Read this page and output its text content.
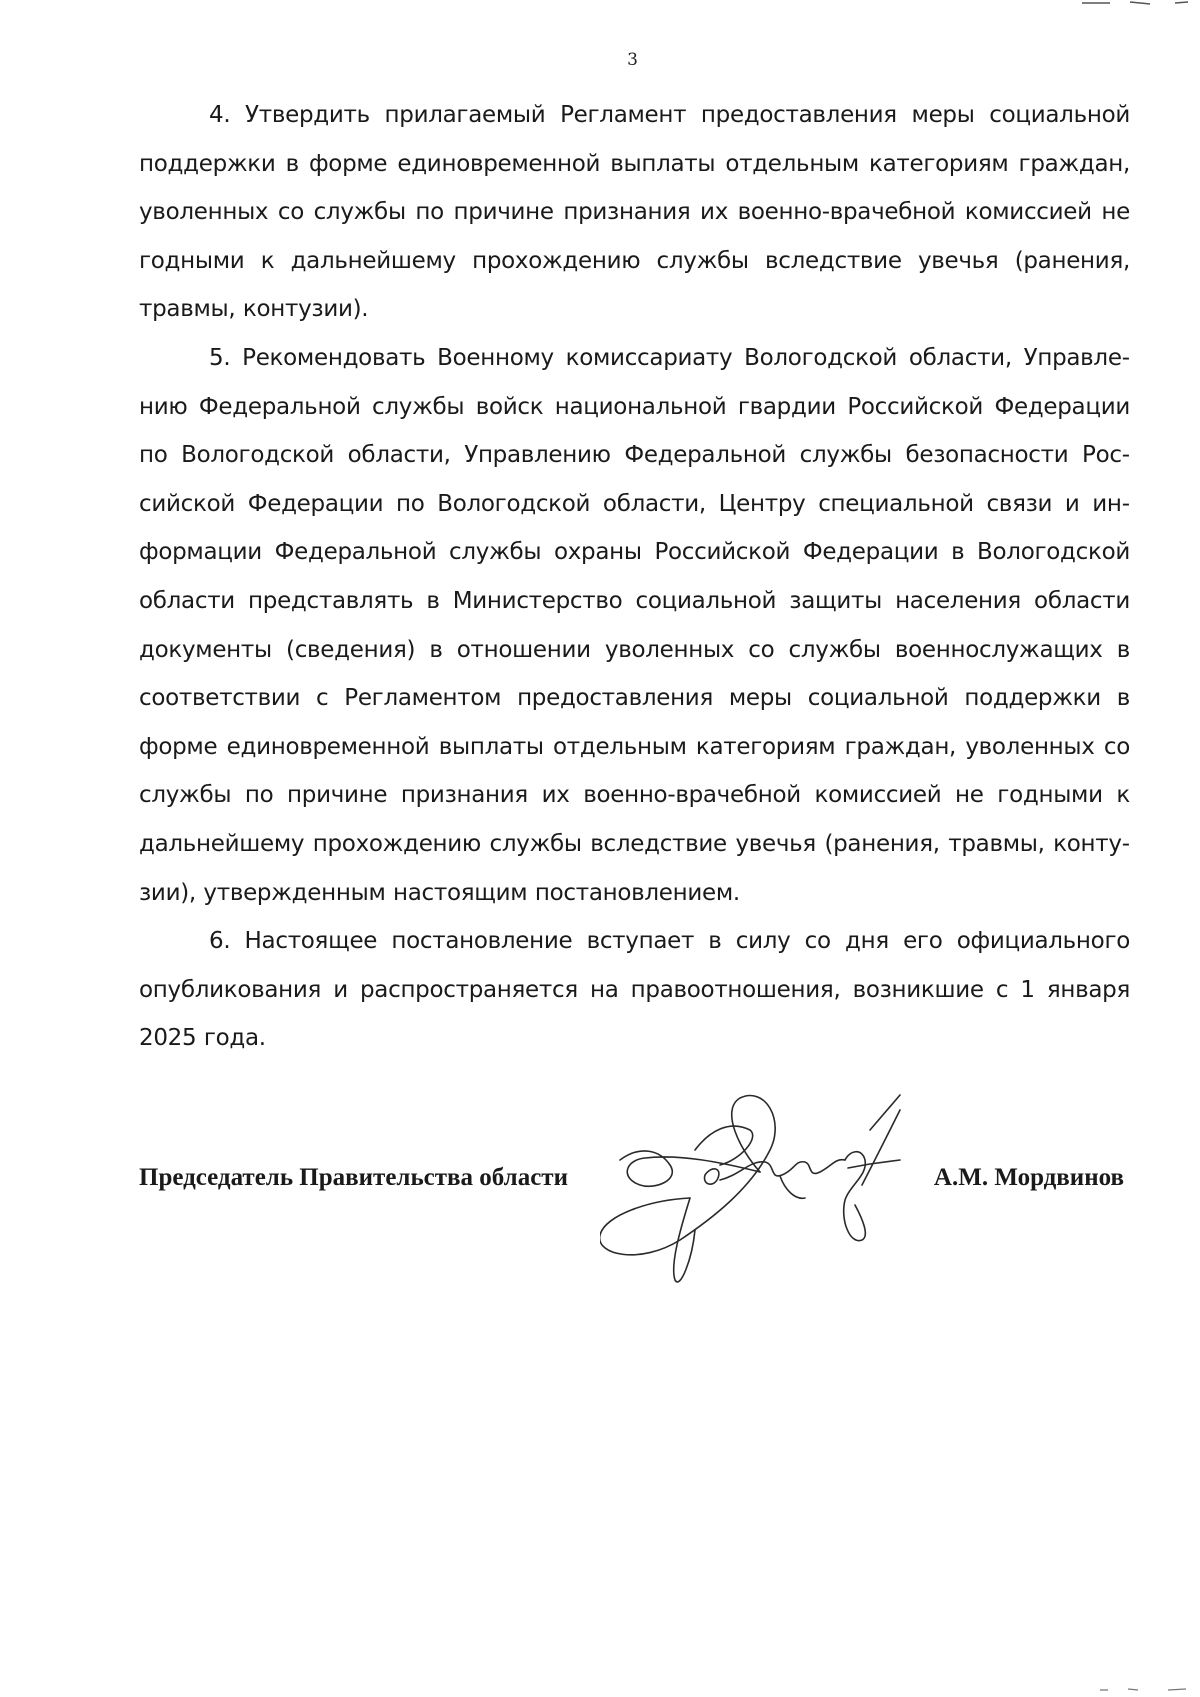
3

4. Утвердить прилагаемый Регламент предоставления меры социальной поддержки в форме единовременной выплаты отдельным категориям граждан, уволенных со службы по причине признания их военно-врачебной комиссией не годными к дальнейшему прохождению службы вследствие увечья (ранения, травмы, контузии).

5. Рекомендовать Военному комиссариату Вологодской области, Управлению Федеральной службы войск национальной гвардии Российской Федерации по Вологодской области, Управлению Федеральной службы безопасности Российской Федерации по Вологодской области, Центру специальной связи и информации Федеральной службы охраны Российской Федерации в Вологодской области представлять в Министерство социальной защиты населения области документы (сведения) в отношении уволенных со службы военнослужащих в соответствии с Регламентом предоставления меры социальной поддержки в форме единовременной выплаты отдельным категориям граждан, уволенных со службы по причине признания их военно-врачебной комиссией не годными к дальнейшему прохождению службы вследствие увечья (ранения, травмы, контузии), утвержденным настоящим постановлением.

6. Настоящее постановление вступает в силу со дня его официального опубликования и распространяется на правоотношения, возникшие с 1 января 2025 года.

Председатель Правительства области	А.М. Мордвинов
